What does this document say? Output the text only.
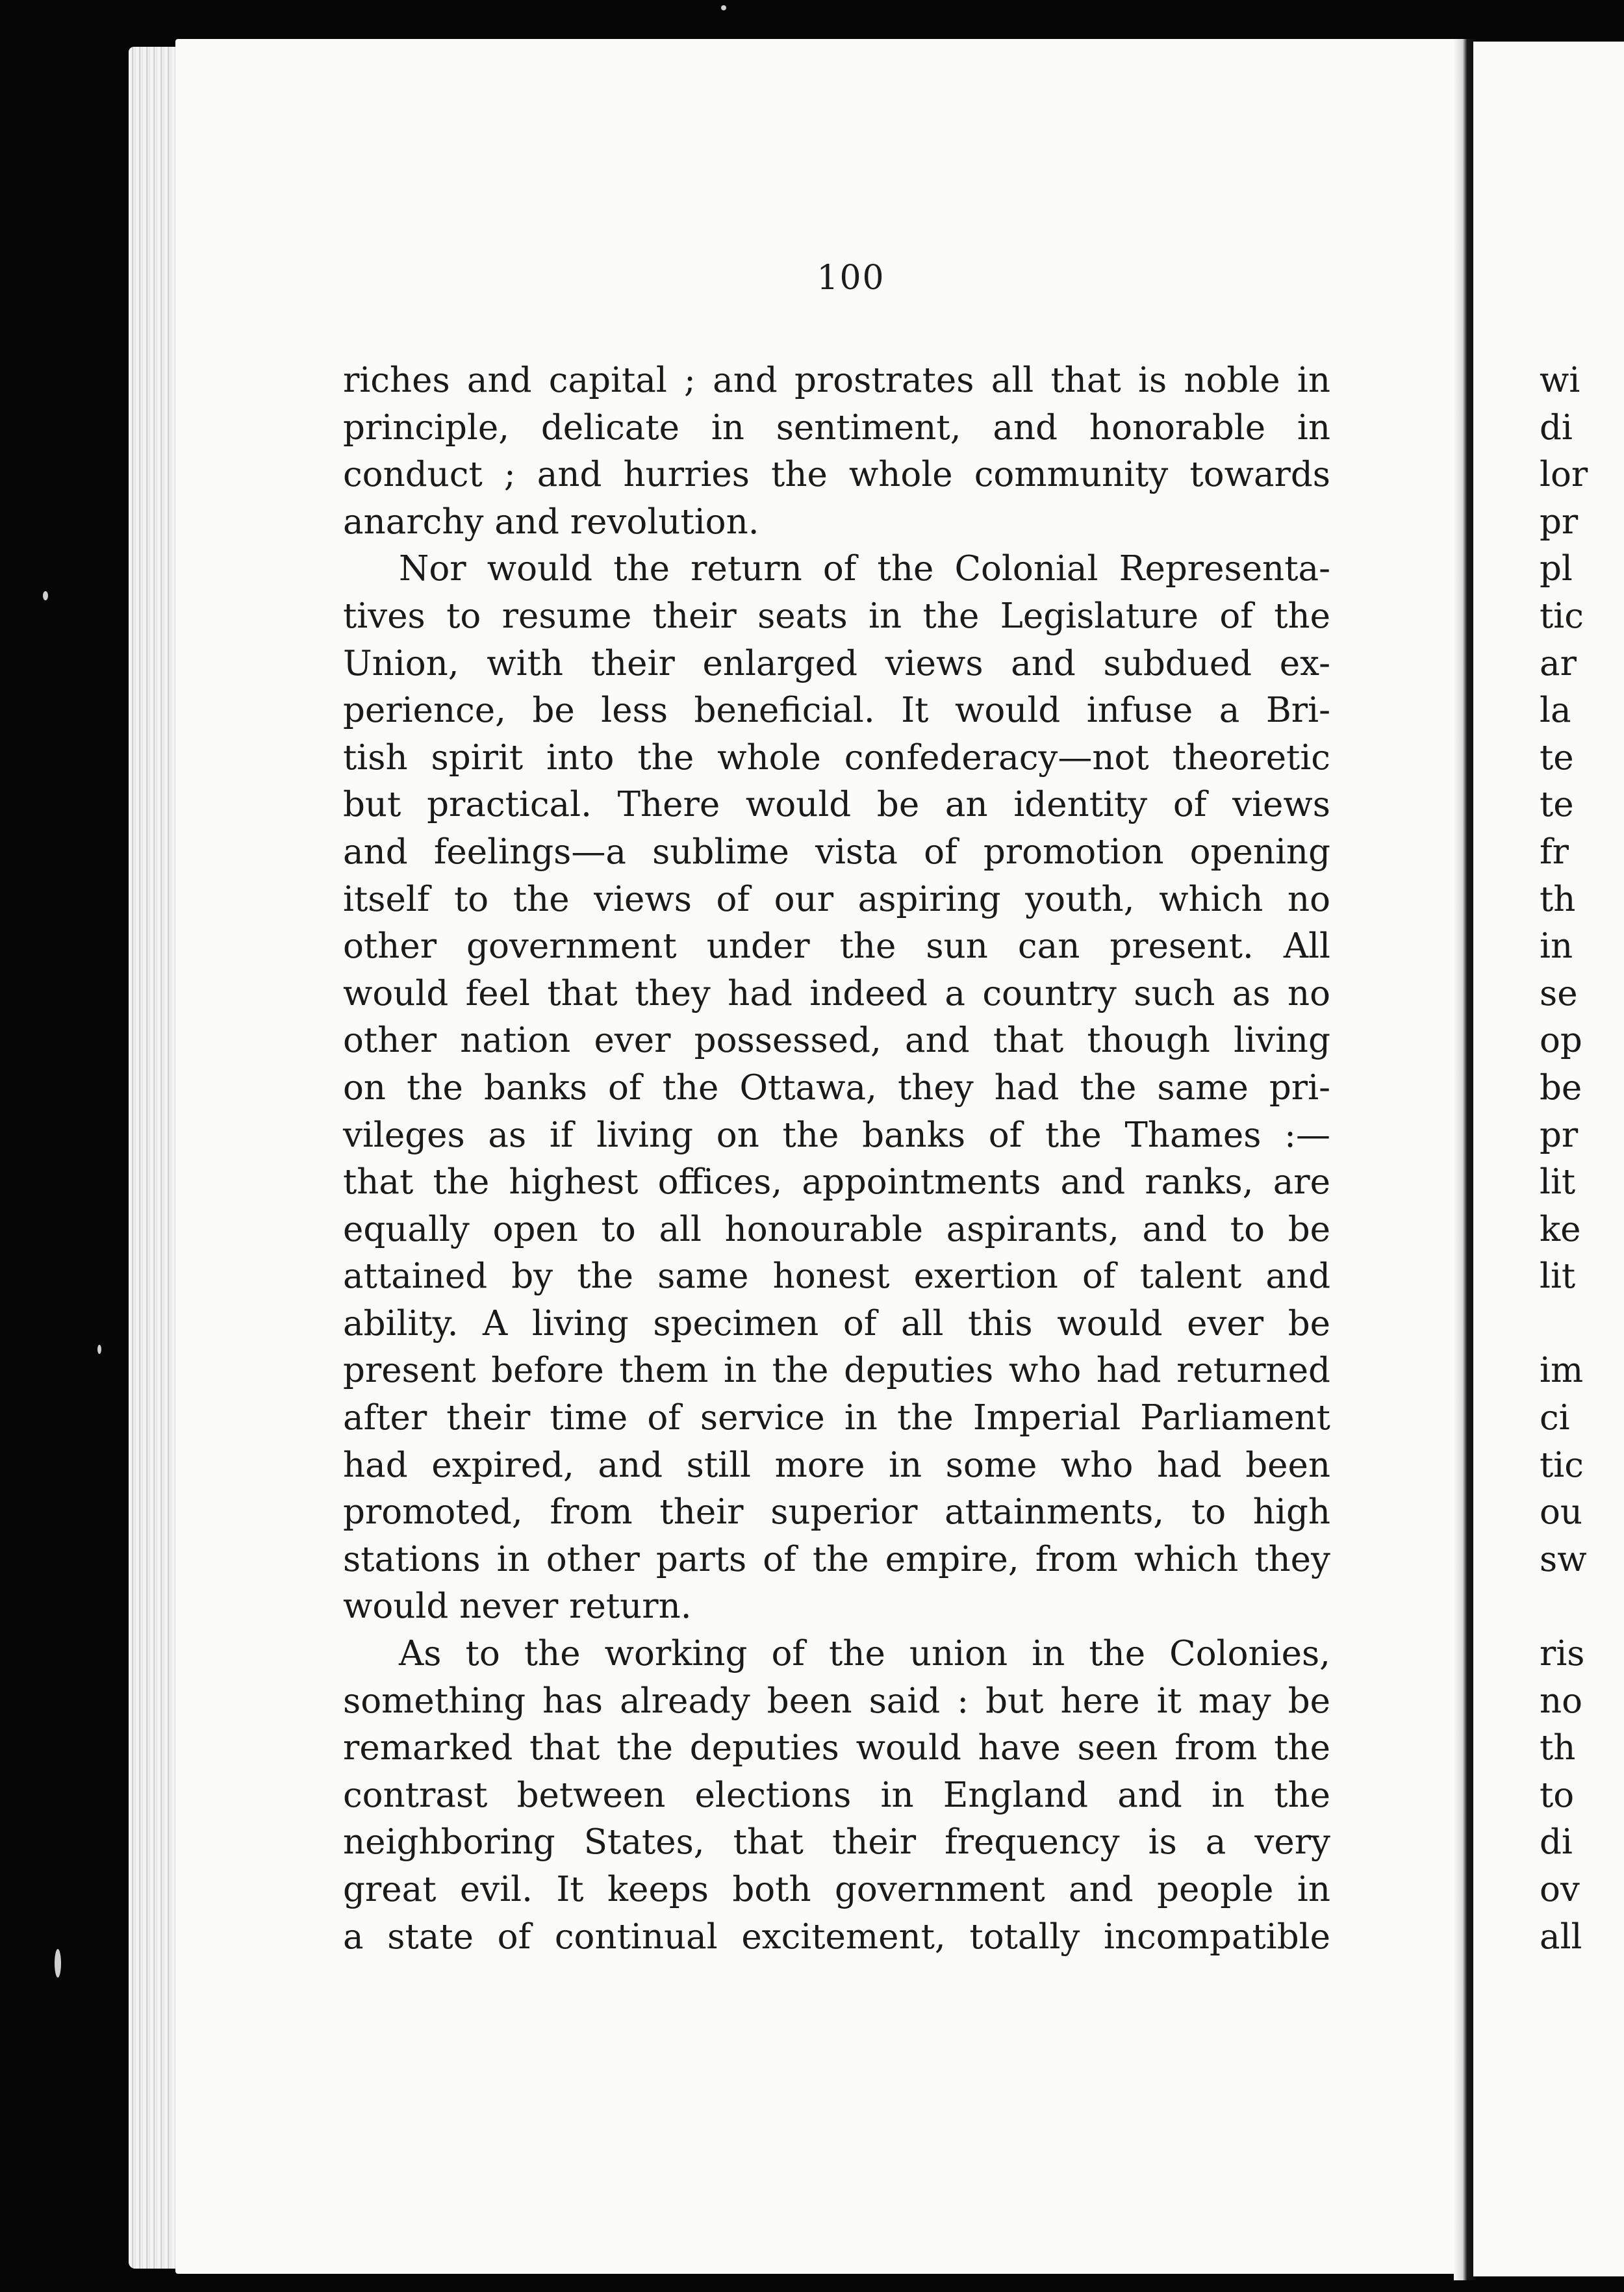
100
riches and capital ; and prostrates all that is noble in
principle, delicate in sentiment, and honorable in
conduct ; and hurries the whole community towards
anarchy and revolution.
Nor would the return of the Colonial Representa-
tives to resume their seats in the Legislature of the
Union, with their enlarged views and subdued ex-
perience, be less beneficial. It would infuse a Bri-
tish spirit into the whole confederacy—not theoretic
but practical. There would be an identity of views
and feelings—a sublime vista of promotion opening
itself to the views of our aspiring youth, which no
other government under the sun can present. All
would feel that they had indeed a country such as no
other nation ever possessed, and that though living
on the banks of the Ottawa, they had the same pri-
vileges as if living on the banks of the Thames :—
that the highest offices, appointments and ranks, are
equally open to all honourable aspirants, and to be
attained by the same honest exertion of talent and
ability. A living specimen of all this would ever be
present before them in the deputies who had returned
after their time of service in the Imperial Parliament
had expired, and still more in some who had been
promoted, from their superior attainments, to high
stations in other parts of the empire, from which they
would never return.
As to the working of the union in the Colonies,
something has already been said : but here it may be
remarked that the deputies would have seen from the
contrast between elections in England and in the
neighboring States, that their frequency is a very
great evil. It keeps both government and people in
a state of continual excitement, totally incompatible
wi
di
lor
pr
pl
tic
ar
la
te
te
fr
th
in
se
op
be
pr
lit
ke
lit
im
ci
tic
ou
sw
ris
no
th
to
di
ov
all
